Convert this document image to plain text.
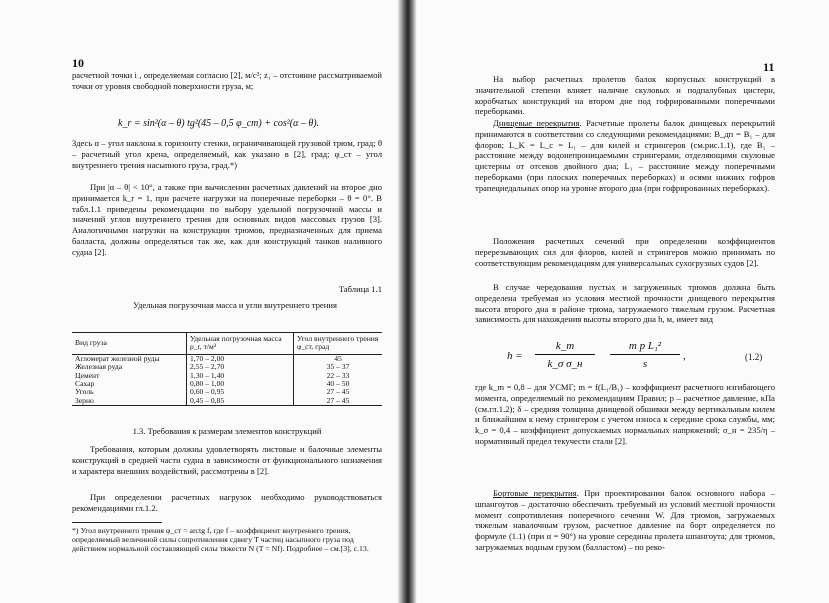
10

расчетной точки i , определяемая согласно [2], м/с²; z₁ – отстояние рассматриваемой точки от уровня свободной поверхности груза, м;

k_r = sin²(α – θ) tg²(45 – 0,5 φ_ст) + cos²(α – θ).

Здесь α – угол наклона к горизонту стенки, ограничивающей грузовой трюм, град; θ – расчетный угол крена, определяемый, как указано в [2], град; φ_ст – угол внутреннего трения насыпного груза, град.*)

При |α – θ| < 10°, а также при вычислении расчетных давлений на второе дно принимается k_r = 1, при расчете нагрузки на поперечные переборки – θ = 0°. В табл.1.1 приведены рекомендации по выбору удельной погрузочной массы и значений углов внутреннего трения для основных видов массовых грузов [3]. Аналогичными нагрузки на конструкции трюмов, предназначенных для приема балласта, должны определяться так же, как для конструкций танков наливного судна [2].

Таблица 1.1
Удельная погрузочная масса и угли внутреннего трения
Вид груза	Удельная погрузочная масса ρ_r, т/м³	Угол внутреннего трения φ_ст, град
Агломерат железной руды	1,70 – 2,00	45
Железная руда	2,55 – 2,70	35 – 37
Цемент	1,30 – 1,40	22 – 33
Сахар	0,80 – 1,00	40 – 50
Уголь	0,60 – 0,95	27 – 45
Зерно	0,45 – 0,85	27 – 45
1.3. Требования к размерам элементов конструкций

Требования, которым должны удовлетворять листовые и балочные элементы конструкций в средней части судна в зависимости от функционального назначения и характера внешних воздействий, рассмотрены в [2].

При определении расчетных нагрузок необходимо руководствоваться рекомендациями гл.1.2.

*) Угол внутреннего трения φ_ст = arctg f, где f – коэффициент внутреннего трения, определяемый величиной силы сопротивления сдвигу T частиц насыпного груза под действием нормальной составляющей силы тяжести N (T = Nf). Подробнее – см.[3], с.13.
11

На выбор расчетных пролетов балок корпусных конструкций в значительной степени влияет наличие скуловых и подпалубных цистерн, коробчатых конструкций на втором дне под гофрированными поперечными переборками.

Днищевые перекрытия. Расчетные пролеты балок днищевых перекрытий принимаются в соответствии со следующими рекомендациями: B_дп = B₁ – для флоров; L_K = L_c = L₁ – для килей и стрингеров (см.рис.1.1), где B₁ – расстояние между водонепроницаемыми стрингерами, отделяющими скуловые цистерны от отсеков двойного дна; L₁ – расстояние между поперечными переборками (при плоских поперечных переборках) и осями нижних гофров трапециедальных опор на уровне второго дна (при гофрированных переборках).

Положения расчетных сечений при определении коэффициентов перерезывающих сил для флоров, килей и стрингеров можно принимать по соответствующим рекомендациям для универсальных сухогрузных судов [2].

В случае чередования пустых и загруженных трюмов должна быть определена требуемая из условия местной прочности днищевого перекрытия высота второго дна в районе трюма, загружаемого тяжелым грузом. Расчетная зависимость для нахождения высоты второго дна h, м, имеет вид

h =
k_m
k_σ σ_н
m p L₁²
s
,	(1.2)

где k_m = 0,8 – для УСМГ; m = f(L₁/B₁) – коэффициент расчетного изгибающего момента, определяемый по рекомендациям Правил; p – расчетное давление, кПа (см.гл.1.2); δ – средняя толщина днищевой обшивки между вертикальным килем и ближайшим к нему стрингером с учетом износа к середине срока службы, мм; k_σ = 0,4 – коэффициент допускаемых нормальных напряжений; σ_н = 235/η – нормативный предел текучести стали [2].

Бортовые перекрытия. При проектировании балок основного набора – шпангоутов – достаточно обеспечить требуемый из условий местной прочности момент сопротивления поперечного сечения W. Для трюмов, загружаемых тяжелым навалочным грузом, расчетное давление на борт определяется по формуле (1.1) (при α = 90°) на уровне середины пролета шпангоута; для трюмов, загружаемых водным грузом (балластом) – по реко-
